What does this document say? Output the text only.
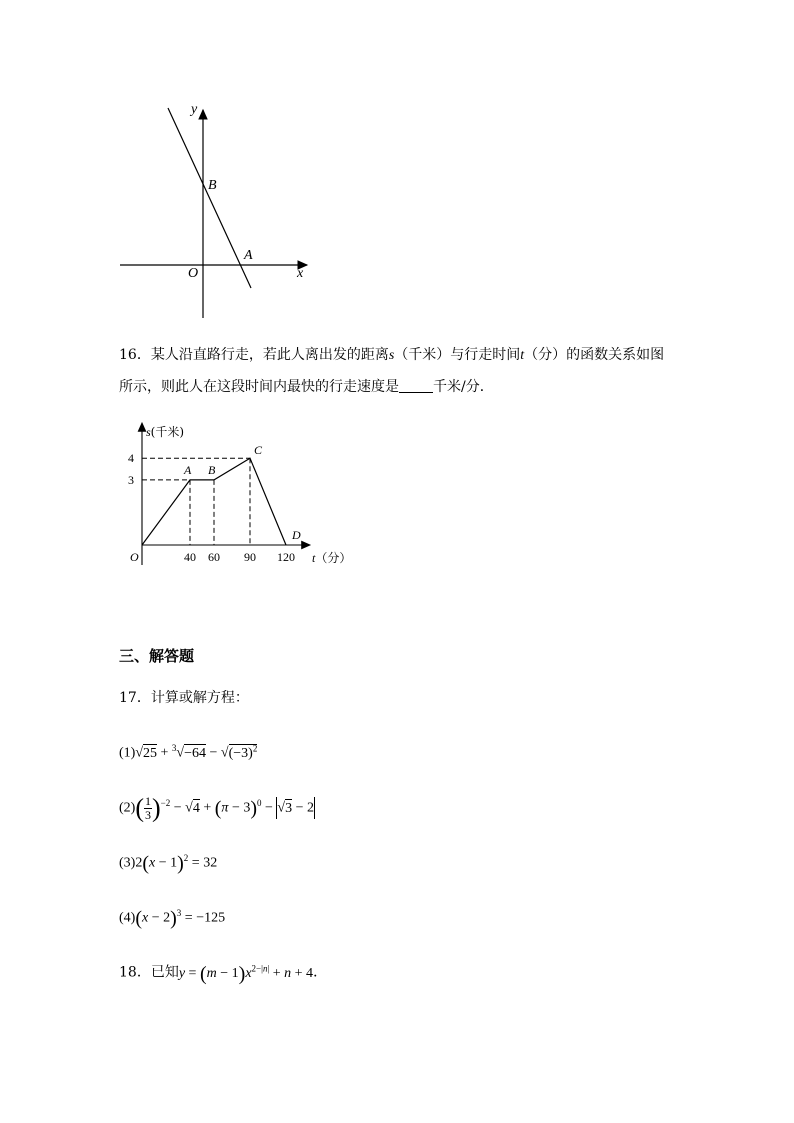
y
x
O
B
A
16．某人沿直路行走，若此人离出发的距离s（千米）与行走时间t（分）的函数关系如图
所示，则此人在这段时间内最快的行走速度是 千米/分．
3
4
40 60 90 120
O
A B
C
D
s(千米)
t（分）
三、解答题
17．计算或解方程：
$(1)√25 + ^3√-64 - √(-3)^2$
$(2)( \frac{1}{3} )^{-2} - √4 + (\pi - 3)^0 - √3 - 2$
$(3)2(x - 1)^2 = 32$
$(4)(x - 2)^3 = -125$
18．已知$y = (m - 1)x^{2-|n|} + n + 4$．
